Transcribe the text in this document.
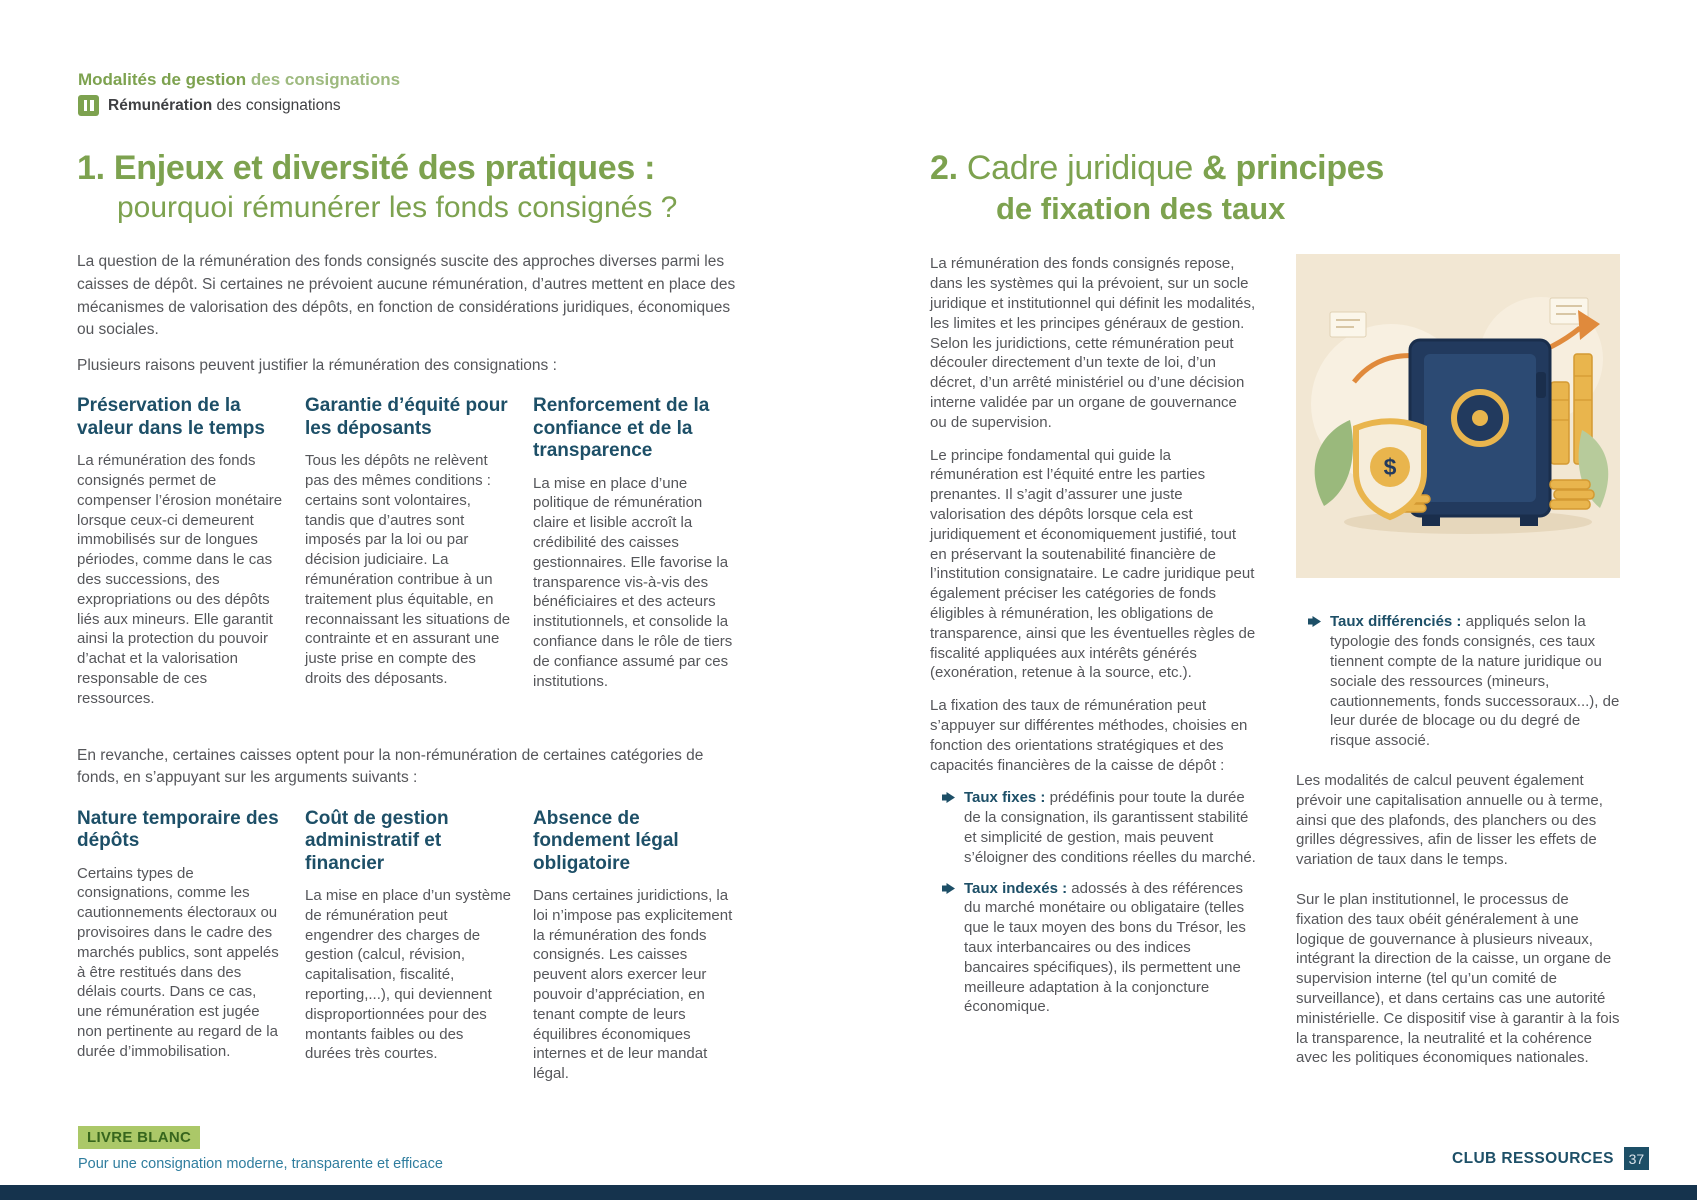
Modalités de gestion des consignations
Rémunération des consignations
1. Enjeux et diversité des pratiques :
pourquoi rémunérer les fonds consignés ?

La question de la rémunération des fonds consignés suscite des approches diverses parmi les caisses de dépôt. Si certaines ne prévoient aucune rémunération, d’autres mettent en place des mécanismes de valorisation des dépôts, en fonction de considérations juridiques, économiques ou sociales.

Plusieurs raisons peuvent justifier la rémunération des consignations :

Préservation de la valeur dans le temps

La rémunération des fonds consignés permet de compenser l’érosion monétaire lorsque ceux-ci demeurent immobilisés sur de longues périodes, comme dans le cas des successions, des expropriations ou des dépôts liés aux mineurs. Elle garantit ainsi la protection du pouvoir d’achat et la valorisation responsable de ces ressources.

Garantie d’équité pour les déposants

Tous les dépôts ne relèvent pas des mêmes conditions : certains sont volontaires, tandis que d’autres sont imposés par la loi ou par décision judiciaire. La rémunération contribue à un traitement plus équitable, en reconnaissant les situations de contrainte et en assurant une juste prise en compte des droits des déposants.

Renforcement de la confiance et de la transparence

La mise en place d’une politique de rémunération claire et lisible accroît la crédibilité des caisses gestionnaires. Elle favorise la transparence vis-à-vis des bénéficiaires et des acteurs institutionnels, et consolide la confiance dans le rôle de tiers de confiance assumé par ces institutions.

En revanche, certaines caisses optent pour la non-rémunération de certaines catégories de fonds, en s’appuyant sur les arguments suivants :

Nature temporaire des dépôts

Certains types de consignations, comme les cautionnements électoraux ou provisoires dans le cadre des marchés publics, sont appelés à être restitués dans des délais courts. Dans ce cas, une rémunération est jugée non pertinente au regard de la durée d’immobilisation.

Coût de gestion administratif et financier

La mise en place d’un système de rémunération peut engendrer des charges de gestion (calcul, révision, capitalisation, fiscalité, reporting,...), qui deviennent disproportionnées pour des montants faibles ou des durées très courtes.

Absence de fondement légal obligatoire

Dans certaines juridictions, la loi n’impose pas explicitement la rémunération des fonds consignés. Les caisses peuvent alors exercer leur pouvoir d’appréciation, en tenant compte de leurs équilibres économiques internes et de leur mandat légal.

2. Cadre juridique & principes
de fixation des taux

La rémunération des fonds consignés repose, dans les systèmes qui la prévoient, sur un socle juridique et institutionnel qui définit les modalités, les limites et les principes généraux de gestion. Selon les juridictions, cette rémunération peut découler directement d’un texte de loi, d’un décret, d’un arrêté ministériel ou d’une décision interne validée par un organe de gouvernance ou de supervision.

Le principe fondamental qui guide la rémunération est l’équité entre les parties prenantes. Il s’agit d’assurer une juste valorisation des dépôts lorsque cela est juridiquement et économiquement justifié, tout en préservant la soutenabilité financière de l’institution consignataire. Le cadre juridique peut également préciser les catégories de fonds éligibles à rémunération, les obligations de transparence, ainsi que les éventuelles règles de fiscalité appliquées aux intérêts générés (exonération, retenue à la source, etc.).

La fixation des taux de rémunération peut s’appuyer sur différentes méthodes, choisies en fonction des orientations stratégiques et des capacités financières de la caisse de dépôt :

Taux fixes : prédéfinis pour toute la durée de la consignation, ils garantissent stabilité et simplicité de gestion, mais peuvent s’éloigner des conditions réelles du marché.

Taux indexés : adossés à des références du marché monétaire ou obligataire (telles que le taux moyen des bons du Trésor, les taux interbancaires ou des indices bancaires spécifiques), ils permettent une meilleure adaptation à la conjoncture économique.

$

Taux différenciés : appliqués selon la typologie des fonds consignés, ces taux tiennent compte de la nature juridique ou sociale des ressources (mineurs, cautionnements, fonds successoraux...), de leur durée de blocage ou du degré de risque associé.

Les modalités de calcul peuvent également prévoir une capitalisation annuelle ou à terme, ainsi que des plafonds, des planchers ou des grilles dégressives, afin de lisser les effets de variation de taux dans le temps.

Sur le plan institutionnel, le processus de fixation des taux obéit généralement à une logique de gouvernance à plusieurs niveaux, intégrant la direction de la caisse, un organe de supervision interne (tel qu’un comité de surveillance), et dans certains cas une autorité ministérielle. Ce dispositif vise à garantir à la fois la transparence, la neutralité et la cohérence avec les politiques économiques nationales.

LIVRE BLANC
Pour une consignation moderne, transparente et efficace	CLUB RESSOURCES	37
